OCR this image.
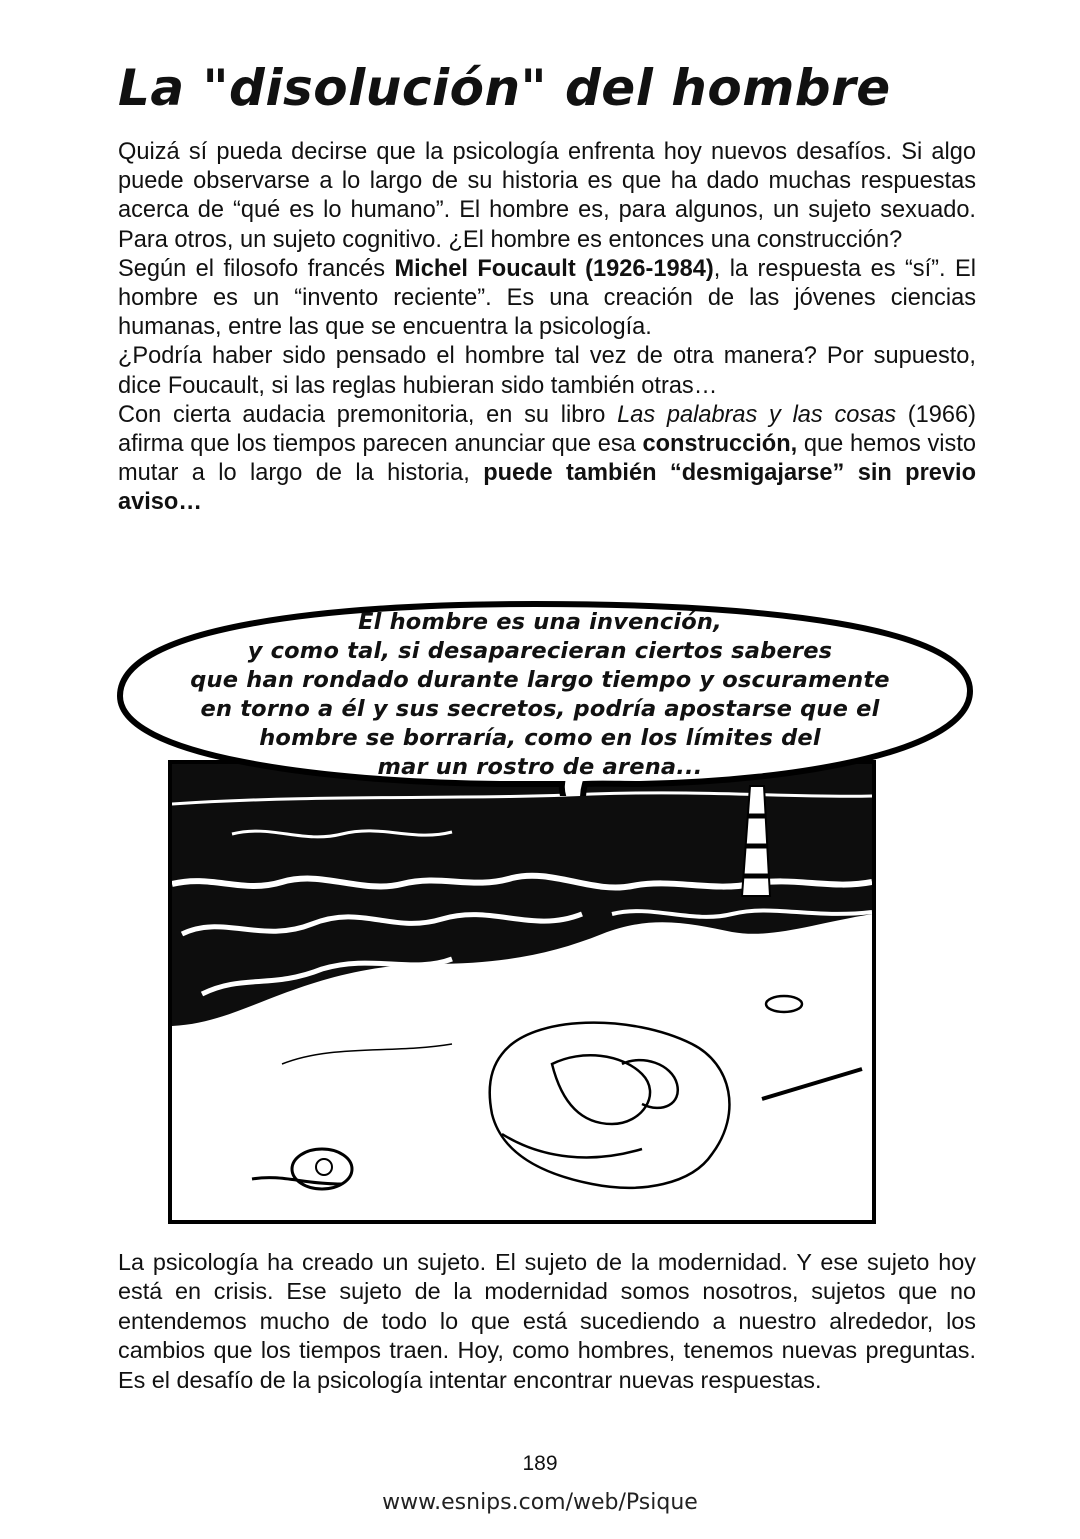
La "disolución" del hombre

Quizá sí pueda decirse que la psicología enfrenta hoy nuevos desafíos. Si algo puede observarse a lo largo de su historia es que ha dado muchas respuestas acerca de “qué es lo humano”. El hombre es, para algunos, un sujeto sexuado. Para otros, un sujeto cognitivo. ¿El hombre es entonces una construcción?

Según el filosofo francés Michel Foucault (1926-1984), la respuesta es “sí”. El hombre es un “invento reciente”. Es una creación de las jóvenes ciencias humanas, entre las que se encuentra la psicología.

¿Podría haber sido pensado el hombre tal vez de otra manera? Por supuesto, dice Foucault, si las reglas hubieran sido también otras…

Con cierta audacia premonitoria, en su libro Las palabras y las cosas (1966) afirma que los tiempos parecen anunciar que esa construcción, que hemos visto mutar a lo largo de la historia, puede también “desmigajarse” sin previo aviso…

El hombre es una invención,
y como tal, si desaparecieran ciertos saberes
que han rondado durante largo tiempo y oscuramente
en torno a él y sus secretos, podría apostarse que el
hombre se borraría, como en los límites del
mar un rostro de arena...
La psicología ha creado un sujeto. El sujeto de la modernidad. Y ese sujeto hoy está en crisis. Ese sujeto de la modernidad somos nosotros, sujetos que no entendemos mucho de todo lo que está sucediendo a nuestro alrededor, los cambios que los tiempos traen. Hoy, como hombres, tenemos nuevas preguntas. Es el desafío de la psicología intentar encontrar nuevas respuestas.
189
www.esnips.com/web/Psique
